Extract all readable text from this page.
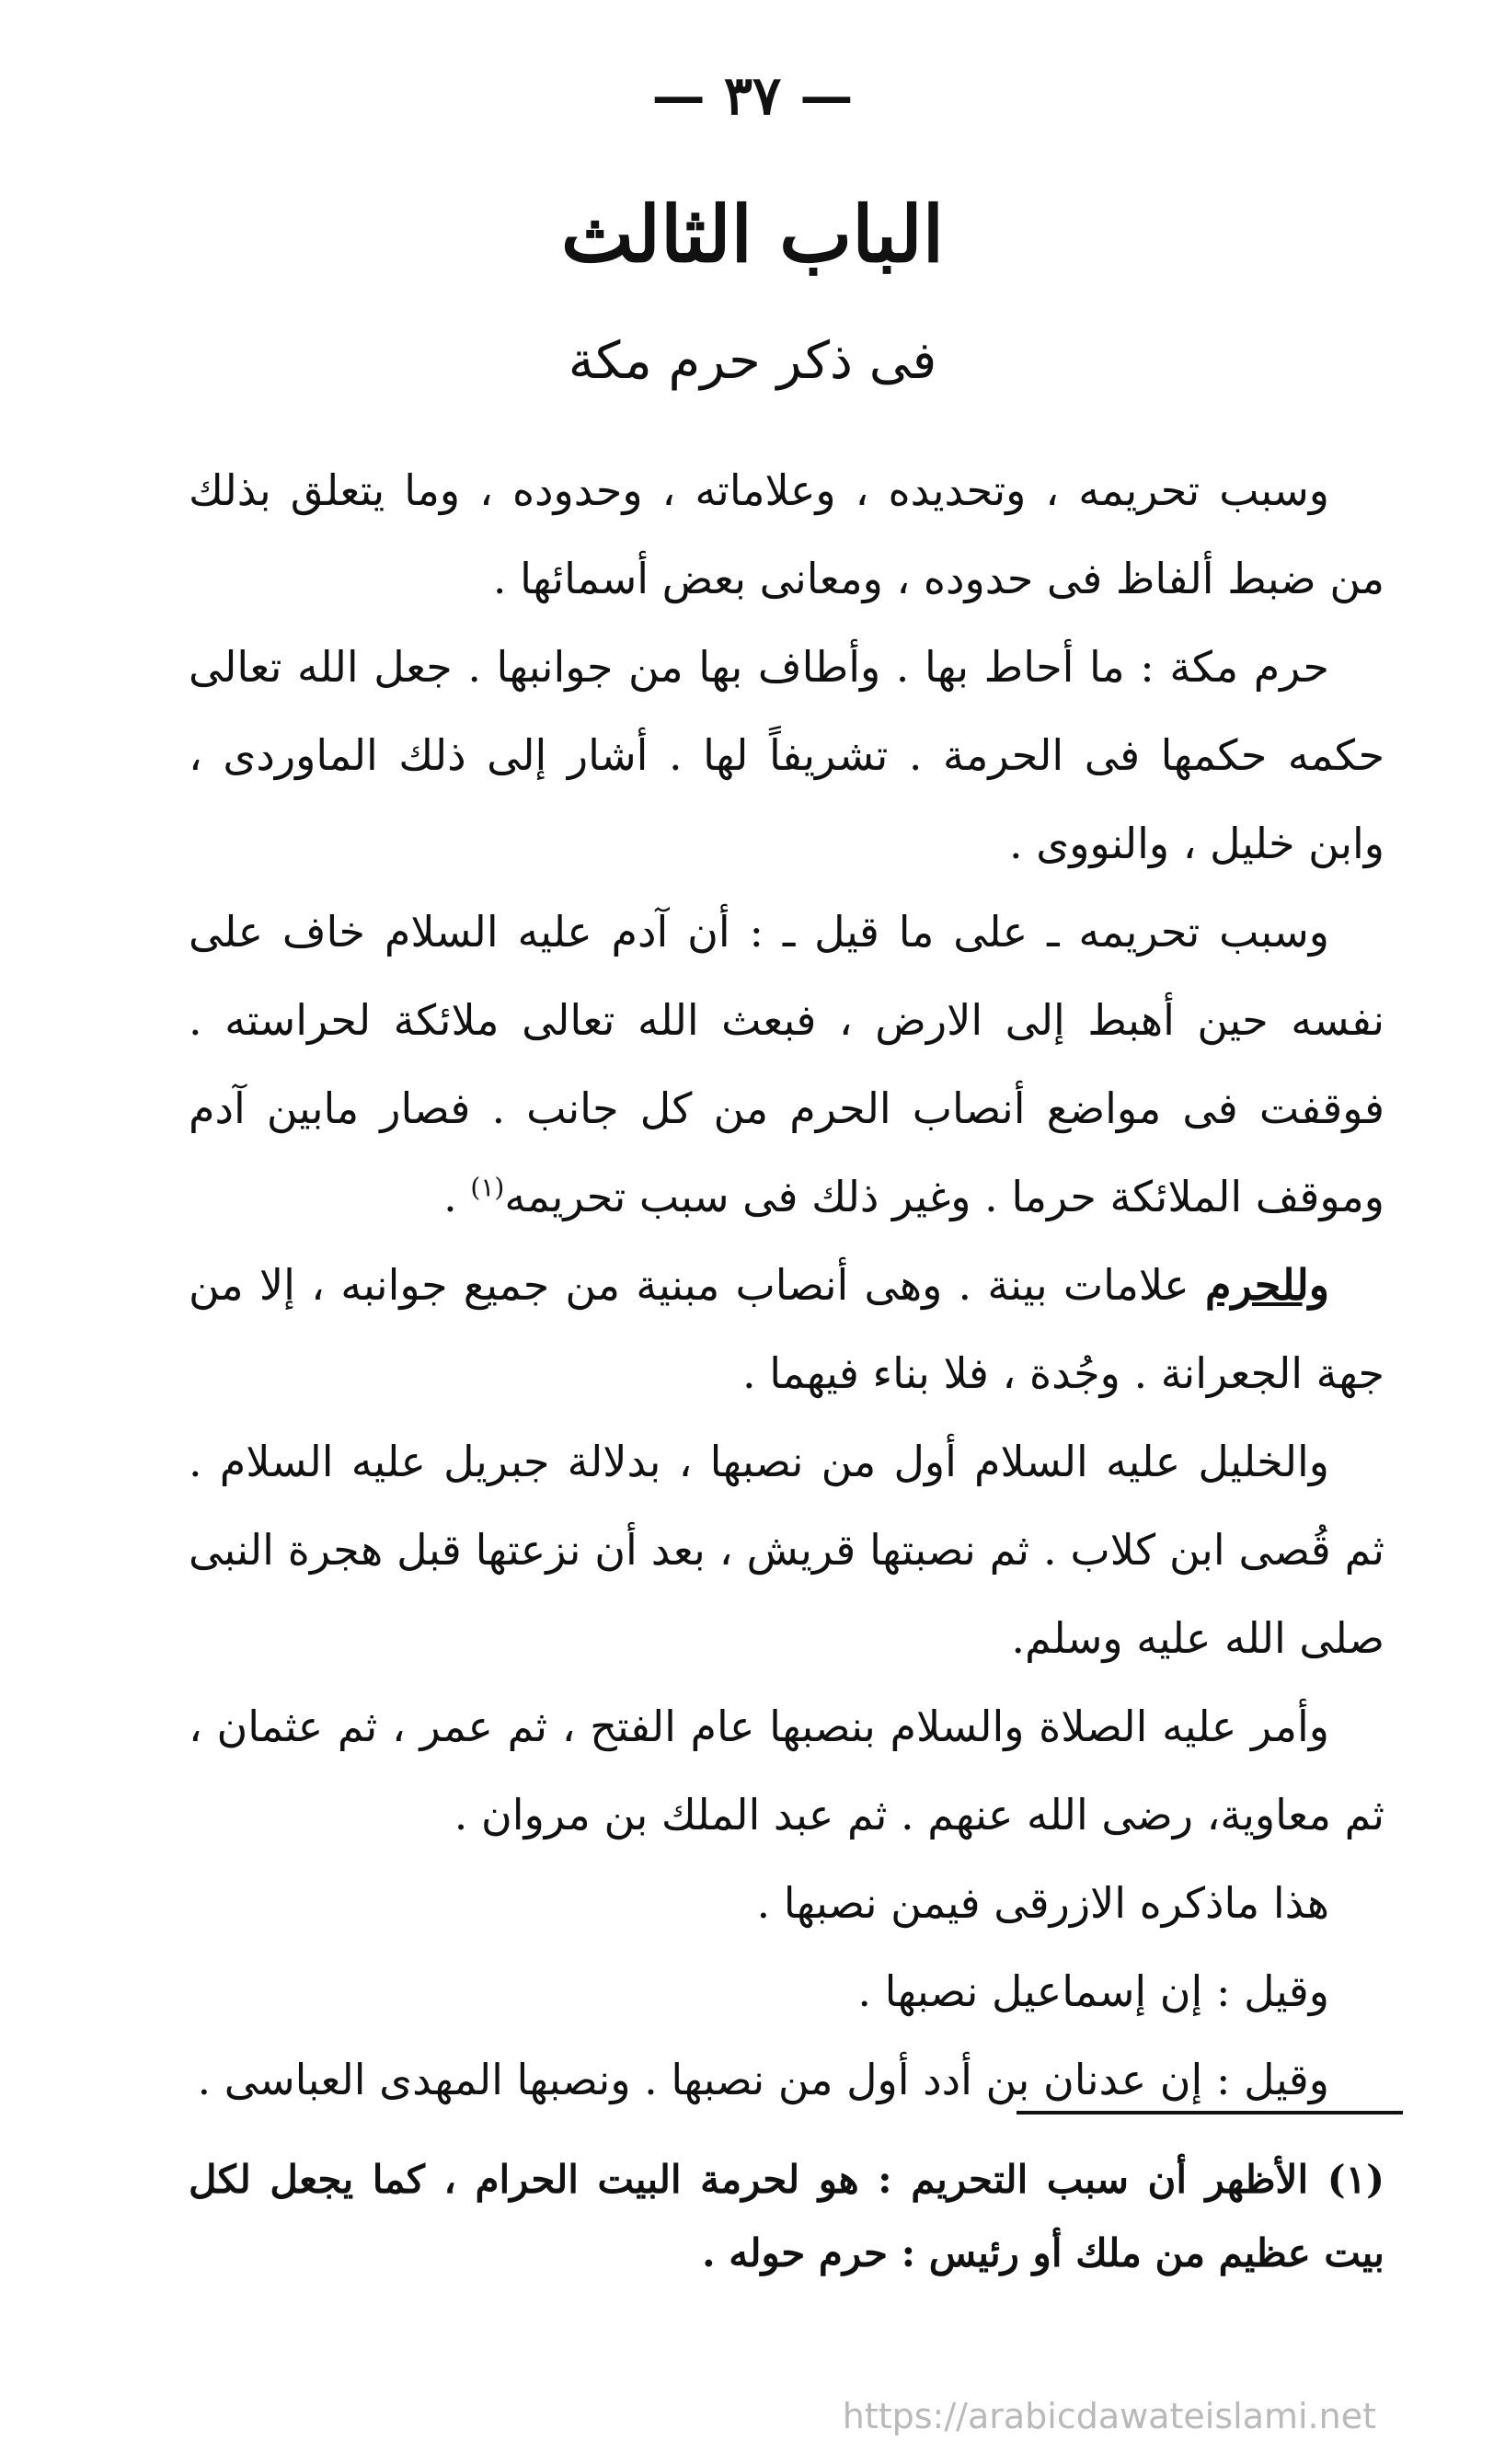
— ٣٧ —
الباب الثالث
فى ذكر حرم مكة

وسبب تحريمه ، وتحديده ، وعلاماته ، وحدوده ، وما يتعلق بذلك من ضبط ألفاظ فى حدوده ، ومعانى بعض أسمائها .

حرم مكة : ما أحاط بها . وأطاف بها من جوانبها . جعل الله تعالى حكمه حكمها فى الحرمة . تشريفاً لها . أشار إلى ذلك الماوردى ، وابن خليل ، والنووى .

وسبب تحريمه ـ على ما قيل ـ : أن آدم عليه السلام خاف على نفسه حين أهبط إلى الارض ، فبعث الله تعالى ملائكة لحراسته . فوقفت فى مواضع أنصاب الحرم من كل جانب . فصار مابين آدم وموقف الملائكة حرما . وغير ذلك فى سبب تحريمه$^{(١)}$ .

وللحرم علامات بينة . وهى أنصاب مبنية من جميع جوانبه ، إلا من جهة الجعرانة . وجُدة ، فلا بناء فيهما .

والخليل عليه السلام أول من نصبها ، بدلالة جبريل عليه السلام . ثم قُصى ابن كلاب . ثم نصبتها قريش ، بعد أن نزعتها قبل هجرة النبى صلى الله عليه وسلم.

وأمر عليه الصلاة والسلام بنصبها عام الفتح ، ثم عمر ، ثم عثمان ، ثم معاوية، رضى الله عنهم . ثم عبد الملك بن مروان .

هذا ماذكره الازرقى فيمن نصبها .

وقيل : إن إسماعيل نصبها .

وقيل : إن عدنان بن أدد أول من نصبها . ونصبها المهدى العباسى .

(١) الأظهر أن سبب التحريم : هو لحرمة البيت الحرام ، كما يجعل لكل بيت عظيم من ملك أو رئيس : حرم حوله .

https://arabicdawateislami.net
